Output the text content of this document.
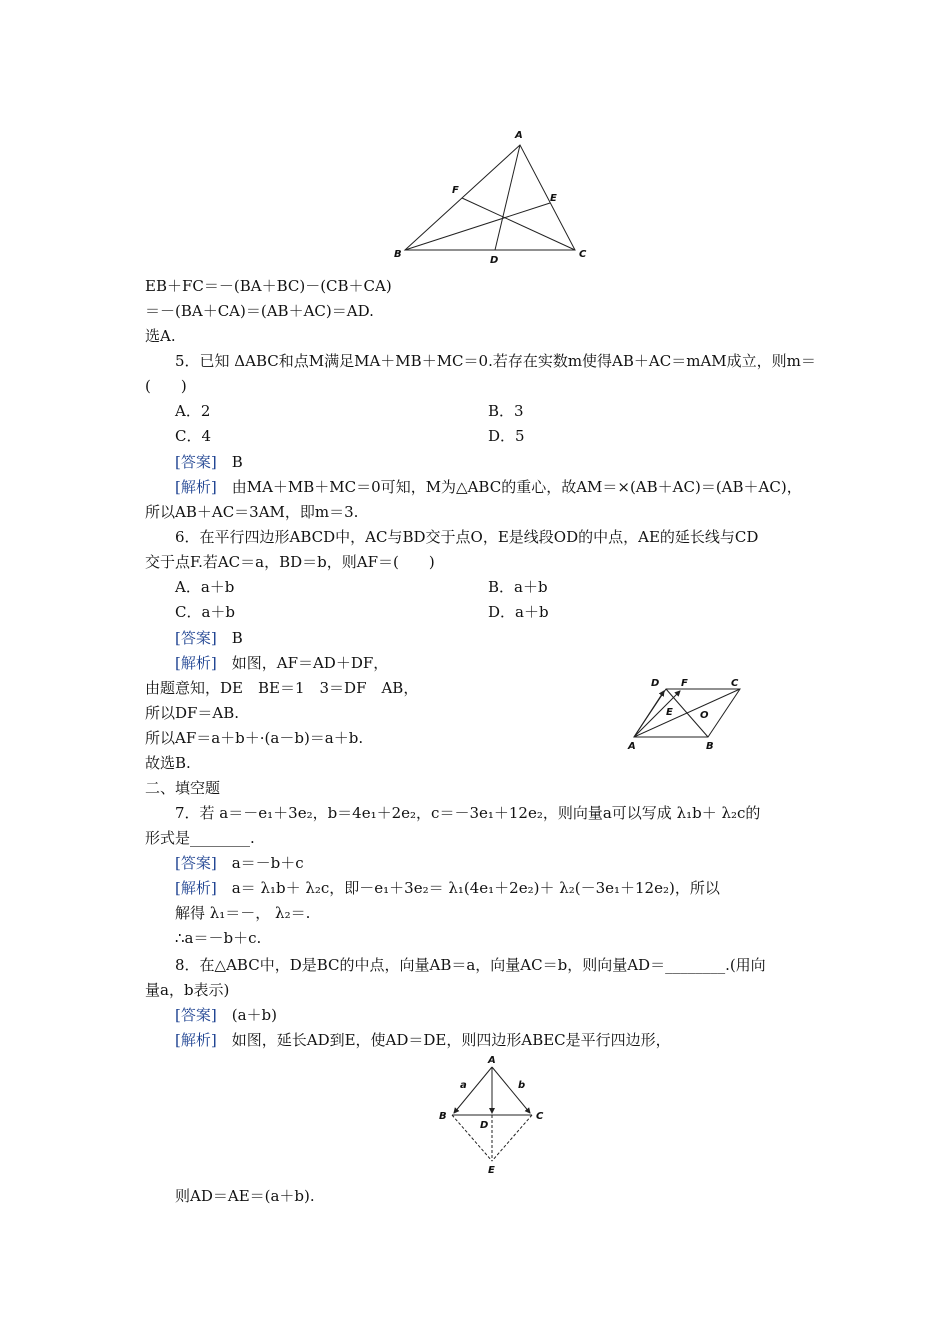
A
B	C
D
E
F
EB＋FC＝－(BA＋BC)－(CB＋CA)
＝－(BA＋CA)＝(AB＋AC)＝AD.
选A.
5．已知 ΔABC和点M满足MA＋MB＋MC＝0.若存在实数m使得AB＋AC＝mAM成立，则m＝
(　　)
A．2	B．3
C．4	D．5
[答案]　 B
[解析]　 由MA＋MB＋MC＝0可知，M为△ABC的重心，故AM＝×(AB＋AC)＝(AB＋AC)，
所以AB＋AC＝3AM，即m＝3.
6．在平行四边形ABCD中，AC与BD交于点O，E是线段OD的中点，AE的延长线与CD
交于点F.若AC＝a，BD＝b，则AF＝(　　)
A．a＋b	B．a＋b
C．a＋b	D．a＋b
[答案]　 B
[解析]　 如图，AF＝AD＋DF，
由题意知，DE　BE＝1　3＝DF　AB，
所以DF＝AB.
所以AF＝a＋b＋·(a－b)＝a＋b.
故选B.
A	B
C
D
E
F
O
二、填空题
7．若 a＝－e₁＋3e₂，b＝4e₁＋2e₂，c＝－3e₁＋12e₂，则向量a可以写成 λ₁b＋ λ₂c的
形式是________.
[答案]　 a＝－b＋c
[解析]　 a＝ λ₁b＋ λ₂c，即－e₁＋3e₂＝ λ₁(4e₁＋2e₂)＋ λ₂(－3e₁＋12e₂)，所以
解得 λ₁＝－， λ₂＝.
∴a＝－b＋c.
8．在△ABC中，D是BC的中点，向量AB＝a，向量AC＝b，则向量AD＝________.(用向
量a，b表示)
[答案]　 (a＋b)
[解析]　 如图，延长AD到E，使AD＝DE，则四边形ABEC是平行四边形，
A
B	C
D
E
a	b
则AD＝AE＝(a＋b).
